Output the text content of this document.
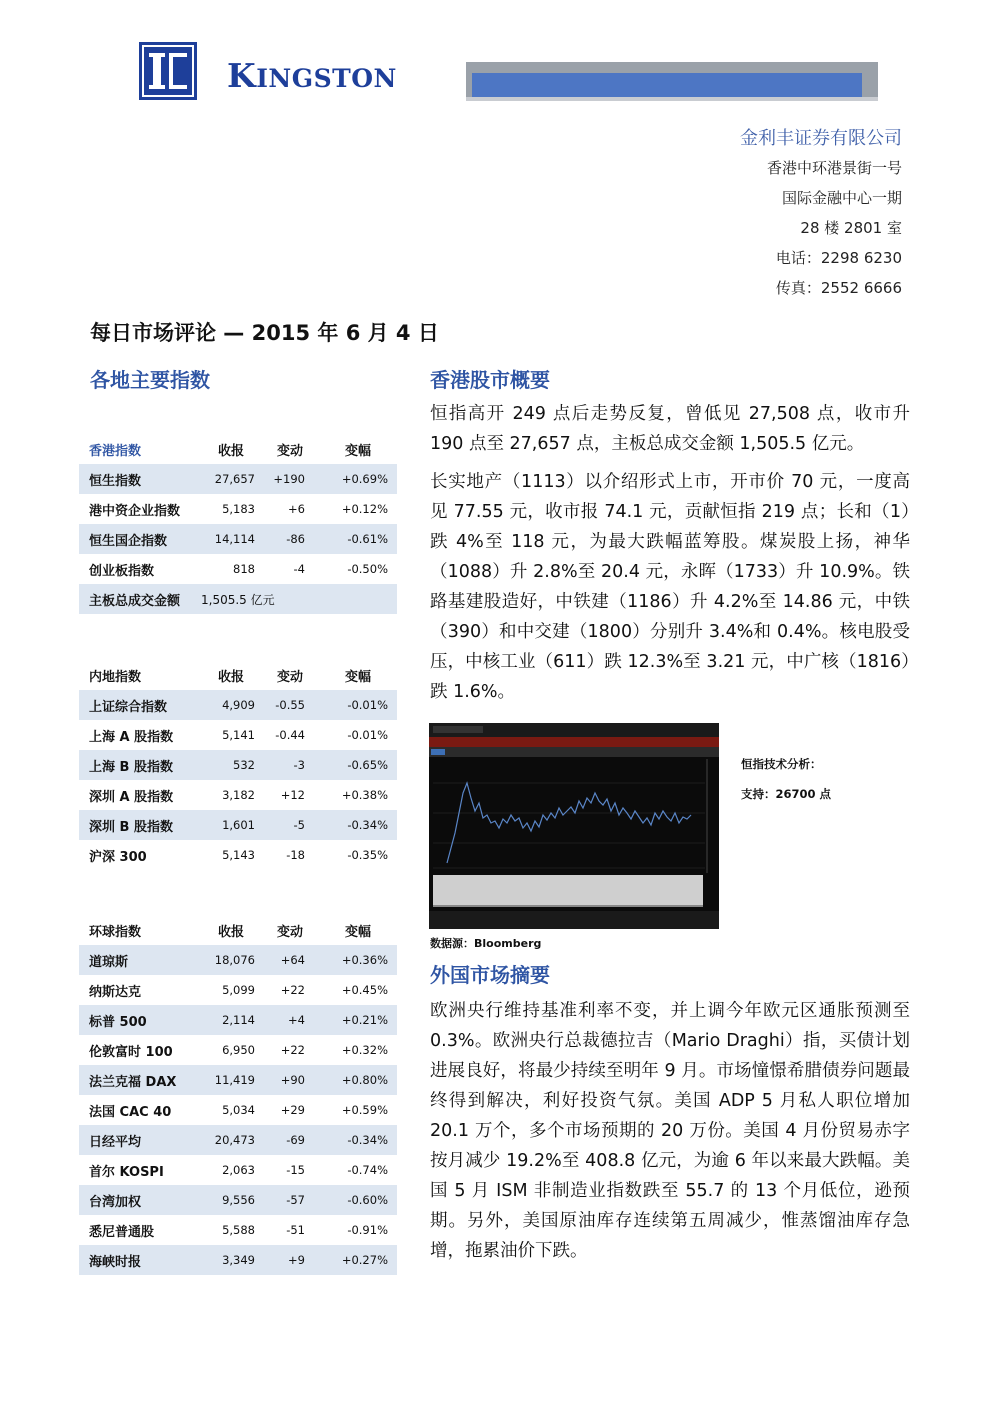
KINGSTON
金利丰证券有限公司
香港中环港景街一号
国际金融中心一期
28 楼 2801 室
电话：2298 6230
传真：2552 6666
每日市场评论 — 2015 年 6 月 4 日
各地主要指数
香港指数	收报	变动	变幅
恒生指数	27,657	+190	+0.69%
港中资企业指数	5,183	+6	+0.12%
恒生国企指数	14,114	-86	-0.61%
创业板指数	818	-4	-0.50%
主板总成交金额	1,505.5 亿元		
内地指数	收报	变动	变幅
上证综合指数	4,909	-0.55	-0.01%
上海 A 股指数	5,141	-0.44	-0.01%
上海 B 股指数	532	-3	-0.65%
深圳 A 股指数	3,182	+12	+0.38%
深圳 B 股指数	1,601	-5	-0.34%
沪深 300	5,143	-18	-0.35%
环球指数	收报	变动	变幅
道琼斯	18,076	+64	+0.36%
纳斯达克	5,099	+22	+0.45%
标普 500	2,114	+4	+0.21%
伦敦富时 100	6,950	+22	+0.32%
法兰克福 DAX	11,419	+90	+0.80%
法国 CAC 40	5,034	+29	+0.59%
日经平均	20,473	-69	-0.34%
首尔 KOSPI	2,063	-15	-0.74%
台湾加权	9,556	-57	-0.60%
悉尼普通股	5,588	-51	-0.91%
海峡时报	3,349	+9	+0.27%
香港股市概要
恒指高开 249 点后走势反复，曾低见 27,508 点，收市升 190 点至 27,657 点，主板总成交金额 1,505.5 亿元。
长实地产（1113）以介绍形式上市，开市价 70 元，一度高见 77.55 元，收市报 74.1 元，贡献恒指 219 点；长和（1）跌 4%至 118 元，为最大跌幅蓝筹股。煤炭股上扬，神华（1088）升 2.8%至 20.4 元，永晖（1733）升 10.9%。铁路基建股造好，中铁建（1186）升 4.2%至 14.86 元，中铁（390）和中交建（1800）分别升 3.4%和 0.4%。核电股受压，中核工业（611）跌 12.3%至 3.21 元，中广核（1816）跌 1.6%。
恒指技术分析：
支持：26700 点
数据源：Bloomberg
外国市场摘要
欧洲央行维持基准利率不变，并上调今年欧元区通胀预测至 0.3%。欧洲央行总裁德拉吉（Mario Draghi）指，买债计划进展良好，将最少持续至明年 9 月。市场憧憬希腊债券问题最终得到解决，利好投资气氛。美国 ADP 5 月私人职位增加20.1 万个，多个市场预期的 20 万份。美国 4 月份贸易赤字按月减少 19.2%至 408.8 亿元，为逾 6 年以来最大跌幅。美国 5 月 ISM 非制造业指数跌至 55.7 的 13 个月低位，逊预期。另外，美国原油库存连续第五周减少，惟蒸馏油库存急增，拖累油价下跌。
